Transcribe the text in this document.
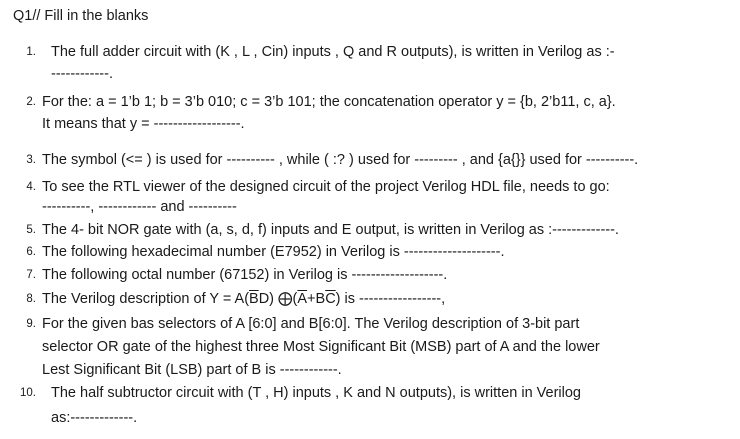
Q1// Fill in the blanks
1. The full adder circuit with (K , L , Cin) inputs , Q and R outputs), is written in Verilog as :-
------------.
2. For the: a = 1’b 1; b = 3’b 010; c = 3’b 101; the concatenation operator y = {b, 2’b11, c, a}.
It means that y = ------------------.
3. The symbol (<= ) is used for ---------- , while ( :? ) used for --------- , and {a{}} used for ----------.
4. To see the RTL viewer of the designed circuit of the project Verilog HDL file, needs to go:
----------, ------------ and ----------
5. The 4- bit NOR gate with (a, s, d, f) inputs and E output, is written in Verilog as :-------------.
6. The following hexadecimal number (E7952) in Verilog is --------------------.
7. The following octal number (67152) in Verilog is -------------------.
8. The Verilog description of $Y = A(\overline{B}D)$ $⨁(\overline{A}+B\overline{C})$ is -----------------,
9. For the given bas selectors of A [6:0] and B[6:0]. The Verilog description of 3-bit part
selector OR gate of the highest three Most Significant Bit (MSB) part of A and the lower
Lest Significant Bit (LSB) part of B is ------------.
10. The half subtructor circuit with (T , H) inputs , K and N outputs), is written in Verilog
as:-------------.
